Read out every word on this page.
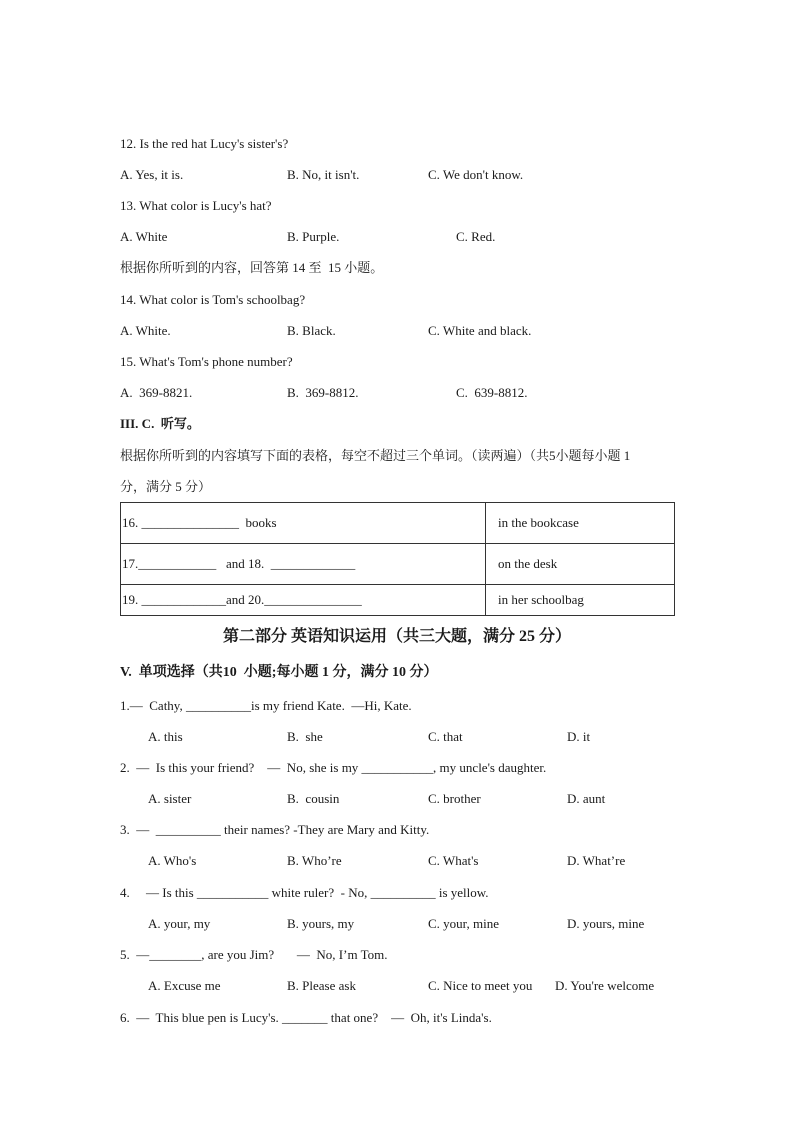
12. Is the red hat Lucy's sister's?
A. Yes, it is.	B. No, it isn't.	C. We don't know.
13. What color is Lucy's hat?
A. White	B. Purple.	C. Red.
根据你所听到的内容，回答第 14 至  15 小题。
14. What color is Tom's schoolbag?
A. White.	B. Black.	C. White and black.
15. What's Tom's phone number?
A.  369-8821.	B.  369-8812.	C.  639-8812.
III. C.  听写。
根据你所听到的内容填写下面的表格，每空不超过三个单词。（读两遍）（共5小题每小题 1
分，满分 5 分）
16. _______________  books	in the bookcase
17.____________   and 18.  _____________	on the desk
19. _____________and 20._______________	in her schoolbag
第二部分 英语知识运用（共三大题，满分 25 分）
V.  单项选择（共10  小题;每小题 1 分，满分 10 分）
1.—  Cathy, __________is my friend Kate.  —Hi, Kate.
A. this	B.  she	C. that	D. it
2.  —  Is this your friend?    —  No, she is my ___________, my uncle's daughter.
A. sister	B.  cousin	C. brother	D. aunt
3.  —  __________ their names? -They are Mary and Kitty.
A. Who's	B. Who’re	C. What's	D. What’re
4.     — Is this ___________ white ruler?  - No, __________ is yellow.
A. your, my	B. yours, my	C. your, mine	D. yours, mine
5.  —________, are you Jim?       —  No, I’m Tom.
A. Excuse me	B. Please ask	C. Nice to meet you D. You're welcome
6.  —  This blue pen is Lucy's. _______ that one?    —  Oh, it's Linda's.
